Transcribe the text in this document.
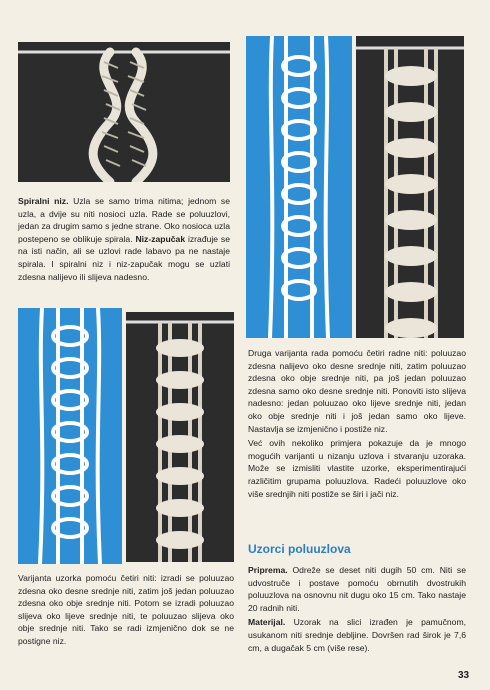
Spiralni niz. Uzla se samo trima nitima; jednom se uzla, a dvije su niti nosioci uzla. Rade se poluuzlovi, jedan za drugim samo s jedne strane. Oko nosioca uzla postepeno se oblikuje spirala. Niz-zapučak izrađuje se na isti način, ali se uzlovi rade labavo pa ne nastaje spirala. I spiralni niz i niz-zapučak mogu se uzlati zdesna nalijevo ili slijeva nadesno.

Varijanta uzorka pomoću četiri niti: izradi se poluuzao zdesna oko desne srednje niti, zatim još jedan poluuzao zdesna oko obje srednje niti. Potom se izradi poluuzao slijeva oko lijeve srednje niti, te poluuzao slijeva oko obje srednje niti. Tako se radi izmjenično dok se ne postigne niz.

Druga varijanta rada pomoću četiri radne niti: poluuzao zdesna nalijevo oko desne srednje niti, zatim poluuzao zdesna oko obje srednje niti, pa još jedan poluuzao zdesna samo oko desne srednje niti. Ponoviti isto slijeva nadesno: jedan poluuzao oko lijeve srednje niti, jedan oko obje srednje niti i još jedan samo oko lijeve. Nastavlja se izmjenično i postiže niz.

Već ovih nekoliko primjera pokazuje da je mnogo mogućih varijanti u nizanju uzlova i stvaranju uzoraka. Može se izmisliti vlastite uzorke, eksperimentirajući različitim grupama poluuzlova. Radeći poluuzlove oko više srednjih niti postiže se širi i jači niz.

Uzorci poluuzlova

Priprema. Odreže se deset niti dugih 50 cm. Niti se udvostruče i postave pomoću obrnutih dvostrukih poluuzlova na osnovnu nit dugu oko 15 cm. Tako nastaje 20 radnih niti.

Materijal. Uzorak na slici izrađen je pamučnom, usukanom niti srednje debljine. Dovršen rad širok je 7,6 cm, a dugačak 5 cm (više rese).

33
